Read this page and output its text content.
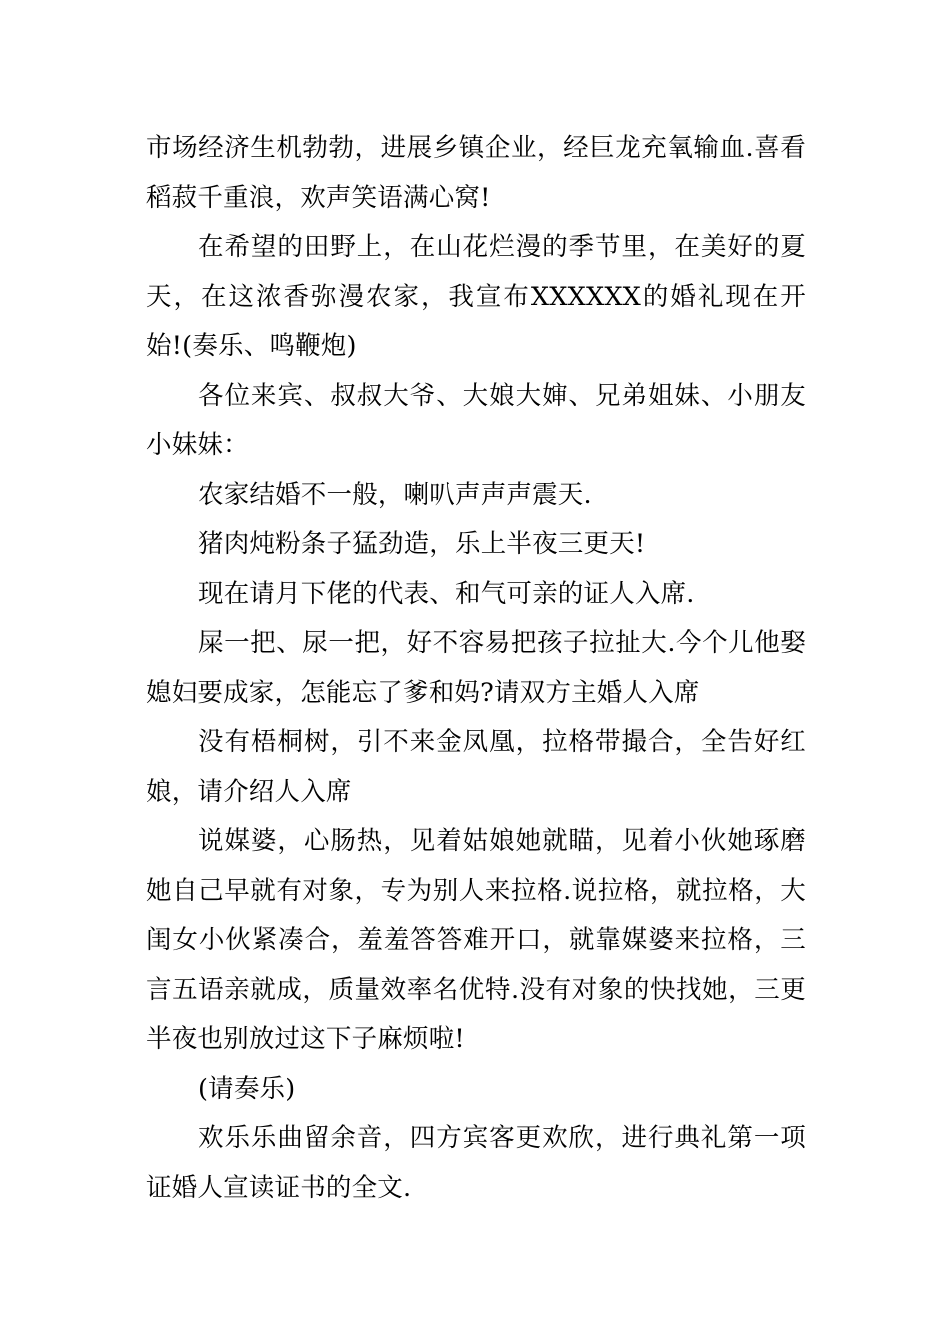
市场经济生机勃勃，进展乡镇企业，经巨龙充氧输血.喜看稻菽千重浪，欢声笑语满心窝!

在希望的田野上，在山花烂漫的季节里，在美好的夏天，在这浓香弥漫农家，我宣布XXXXXX的婚礼现在开始!(奏乐、鸣鞭炮)

各位来宾、叔叔大爷、大娘大婶、兄弟姐妹、小朋友小妹妹：

农家结婚不一般，喇叭声声声震天.

猪肉炖粉条子猛劲造，乐上半夜三更天!

现在请月下佬的代表、和气可亲的证人入席.

屎一把、尿一把，好不容易把孩子拉扯大.今个儿他娶媳妇要成家，怎能忘了爹和妈?请双方主婚人入席

没有梧桐树，引不来金凤凰，拉格带撮合，全告好红娘，请介绍人入席

说媒婆，心肠热，见着姑娘她就瞄，见着小伙她琢磨她自己早就有对象，专为别人来拉格.说拉格，就拉格，大闺女小伙紧凑合，羞羞答答难开口，就靠媒婆来拉格，三言五语亲就成，质量效率名优特.没有对象的快找她，三更半夜也别放过这下子麻烦啦!

(请奏乐)

欢乐乐曲留余音，四方宾客更欢欣，进行典礼第一项证婚人宣读证书的全文.
